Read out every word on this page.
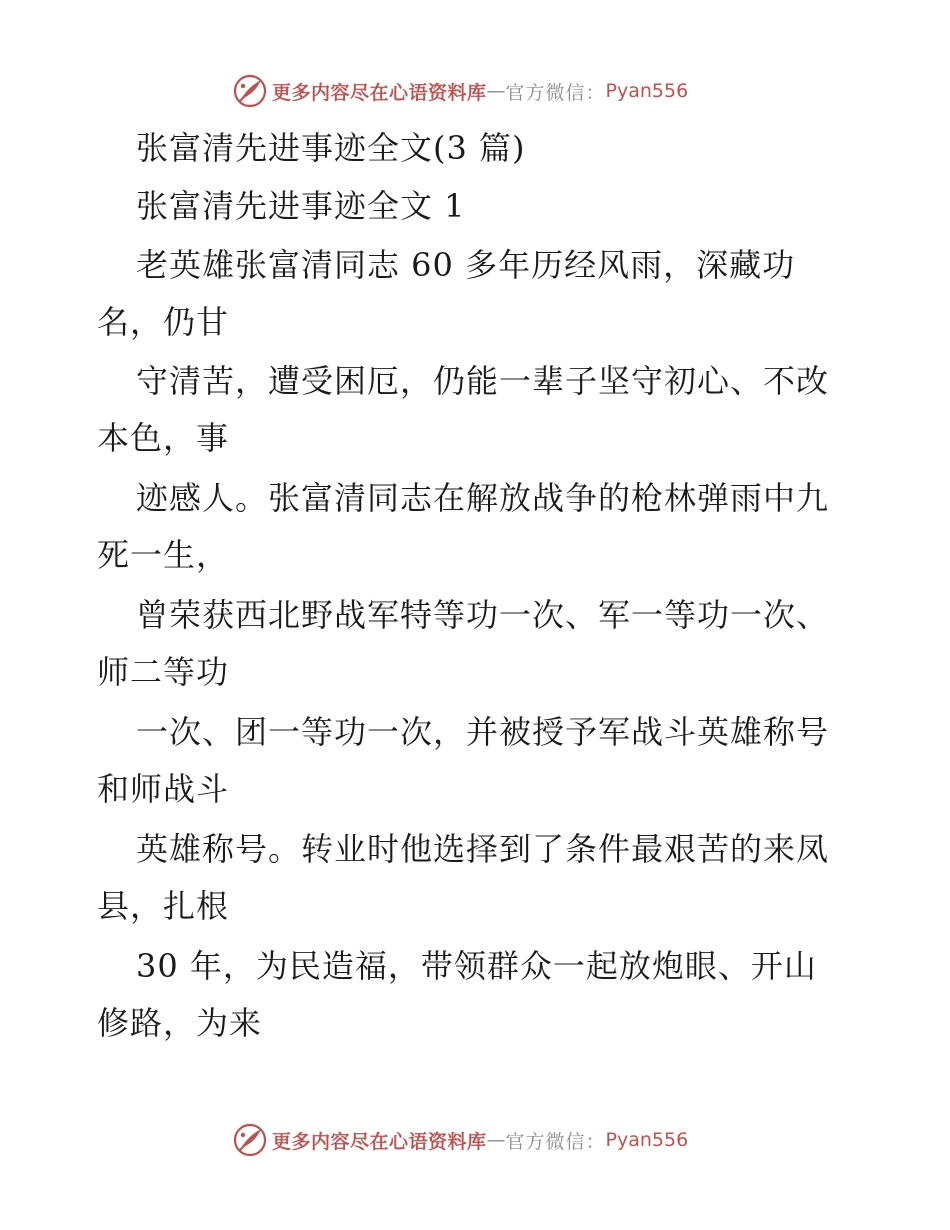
更多内容尽在心语资料库 — 官方微信： Pyan556
张富清先进事迹全文(3 篇)
张富清先进事迹全文 1
老英雄张富清同志 60 多年历经风雨，深藏功
名，仍甘
守清苦，遭受困厄，仍能一辈子坚守初心、不改
本色，事
迹感人。张富清同志在解放战争的枪林弹雨中九
死一生，
曾荣获西北野战军特等功一次、军一等功一次、
师二等功
一次、团一等功一次，并被授予军战斗英雄称号
和师战斗
英雄称号。转业时他选择到了条件最艰苦的来凤
县，扎根
30 年，为民造福，带领群众一起放炮眼、开山
修路，为来
更多内容尽在心语资料库 — 官方微信： Pyan556
